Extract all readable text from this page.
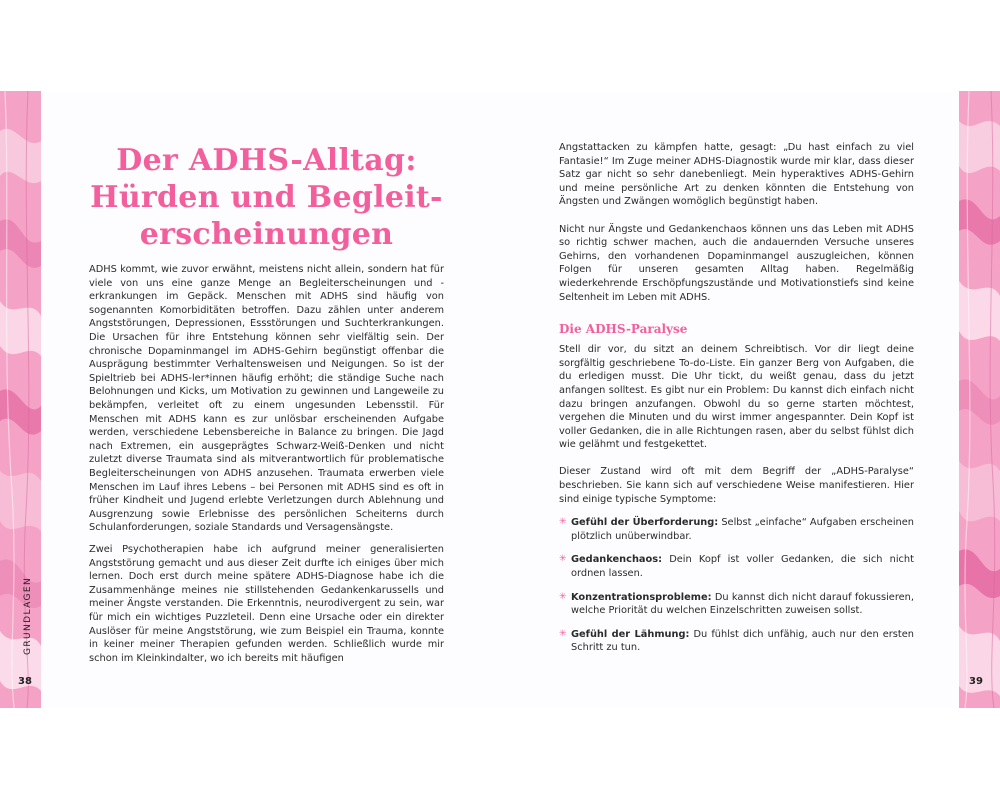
GRUNDLAGEN
38	39
Der ADHS-Alltag:
Hürden und Begleit-
erscheinungen

ADHS kommt, wie zuvor erwähnt, meistens nicht allein, sondern hat für viele von uns eine ganze Menge an Begleiterscheinungen und -erkrankungen im Gepäck. Menschen mit ADHS sind häufig von sogenannten Komorbiditäten betroffen. Dazu zählen unter anderem Angststörungen, Depressionen, Essstörungen und Suchterkrankungen. Die Ursachen für ihre Entstehung können sehr vielfältig sein. Der chronische Dopaminmangel im ADHS-Gehirn begünstigt offenbar die Ausprägung bestimmter Verhaltensweisen und Neigungen. So ist der Spieltrieb bei ADHS-ler*innen häufig erhöht; die ständige Suche nach Belohnungen und Kicks, um Motivation zu gewinnen und Langeweile zu bekämpfen, verleitet oft zu einem ungesunden Lebensstil. Für Menschen mit ADHS kann es zur unlösbar erscheinenden Aufgabe werden, verschiedene Lebensbereiche in Balance zu bringen. Die Jagd nach Extremen, ein ausgeprägtes Schwarz-Weiß-Denken und nicht zuletzt diverse Traumata sind als mitverantwortlich für problematische Begleiterscheinungen von ADHS anzusehen. Traumata erwerben viele Menschen im Lauf ihres Lebens – bei Personen mit ADHS sind es oft in früher Kindheit und Jugend erlebte Verletzungen durch Ablehnung und Ausgrenzung sowie Erlebnisse des persönlichen Scheiterns durch Schulanforderungen, soziale Standards und Versagensängste.

Zwei Psychotherapien habe ich aufgrund meiner generalisierten Angststörung gemacht und aus dieser Zeit durfte ich einiges über mich lernen. Doch erst durch meine spätere ADHS-Diagnose habe ich die Zusammenhänge meines nie stillstehenden Gedankenkarussells und meiner Ängste verstanden. Die Erkenntnis, neurodivergent zu sein, war für mich ein wichtiges Puzzleteil. Denn eine Ursache oder ein direkter Auslöser für meine Angststörung, wie zum Beispiel ein Trauma, konnte in keiner meiner Therapien gefunden werden. Schließlich wurde mir schon im Kleinkindalter, wo ich bereits mit häufigen

Angstattacken zu kämpfen hatte, gesagt: „Du hast einfach zu viel Fantasie!“ Im Zuge meiner ADHS-Diagnostik wurde mir klar, dass dieser Satz gar nicht so sehr danebenliegt. Mein hyperaktives ADHS-Gehirn und meine persönliche Art zu denken könnten die Entstehung von Ängsten und Zwängen womöglich begünstigt haben.

Nicht nur Ängste und Gedankenchaos können uns das Leben mit ADHS so richtig schwer machen, auch die andauernden Versuche unseres Gehirns, den vorhandenen Dopaminmangel auszugleichen, können Folgen für unseren gesamten Alltag haben. Regelmäßig wiederkehrende Erschöpfungszustände und Motivationstiefs sind keine Seltenheit im Leben mit ADHS.

Die ADHS-Paralyse

Stell dir vor, du sitzt an deinem Schreibtisch. Vor dir liegt deine sorgfältig geschriebene To-do-Liste. Ein ganzer Berg von Aufgaben, die du erledigen musst. Die Uhr tickt, du weißt genau, dass du jetzt anfangen solltest. Es gibt nur ein Problem: Du kannst dich einfach nicht dazu bringen anzufangen. Obwohl du so gerne starten möchtest, vergehen die Minuten und du wirst immer angespannter. Dein Kopf ist voller Gedanken, die in alle Richtungen rasen, aber du selbst fühlst dich wie gelähmt und festgekettet.

Dieser Zustand wird oft mit dem Begriff der „ADHS-Paralyse“ beschrieben. Sie kann sich auf verschiedene Weise manifestieren. Hier sind einige typische Symptome:

✳ Gefühl der Überforderung: Selbst „einfache“ Aufgaben erscheinen plötzlich unüberwindbar.
✳ Gedankenchaos: Dein Kopf ist voller Gedanken, die sich nicht ordnen lassen.
✳ Konzentrationsprobleme: Du kannst dich nicht darauf fokussieren, welche Priorität du welchen Einzelschritten zuweisen sollst.
✳ Gefühl der Lähmung: Du fühlst dich unfähig, auch nur den ersten Schritt zu tun.
